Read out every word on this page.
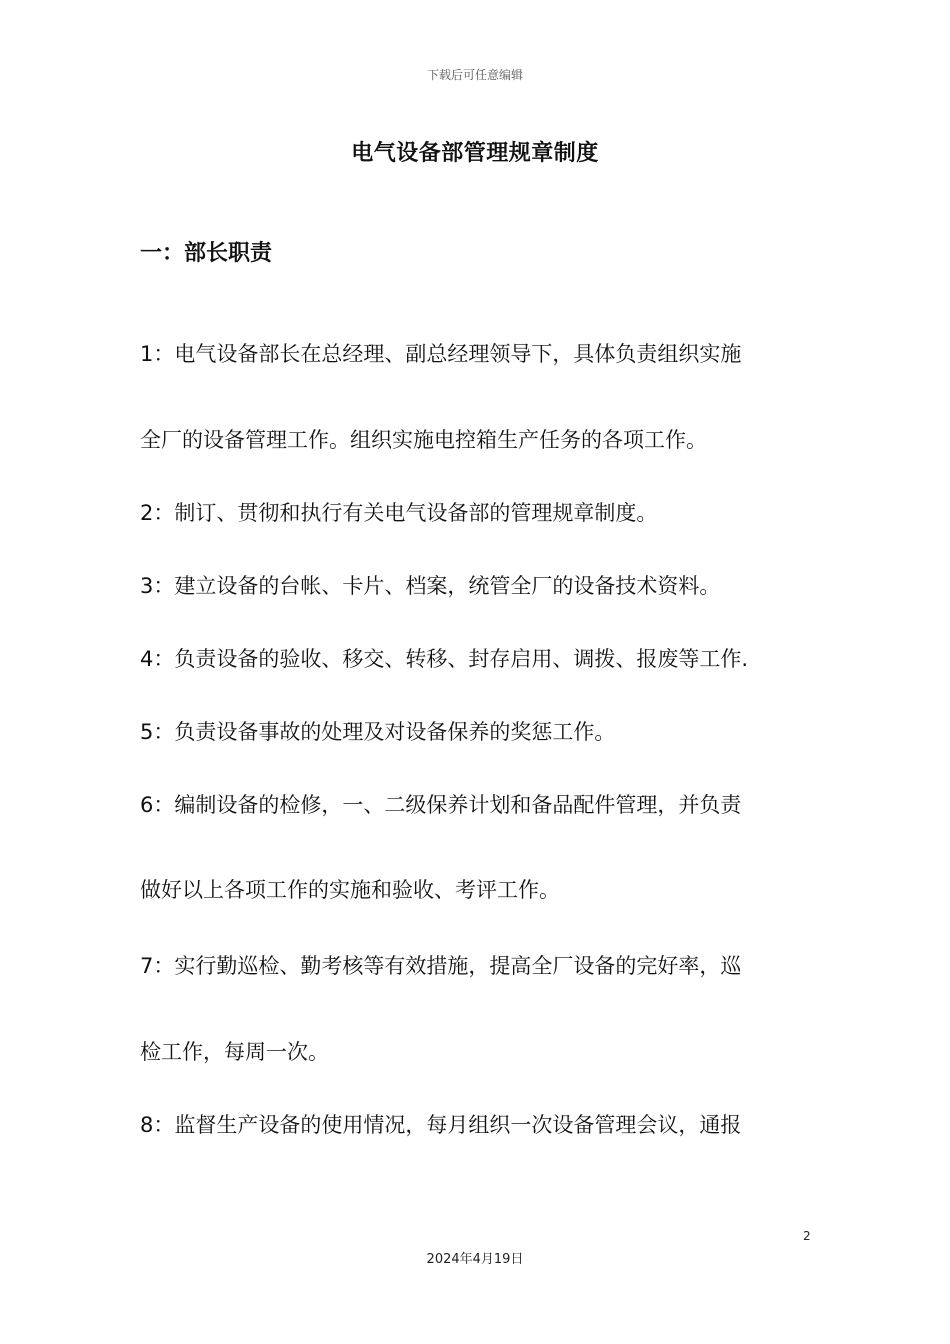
下载后可任意编辑
电气设备部管理规章制度
一：部长职责
1：电气设备部长在总经理、副总经理领导下，具体负责组织实施
全厂的设备管理工作。组织实施电控箱生产任务的各项工作。
2：制订、贯彻和执行有关电气设备部的管理规章制度。
3：建立设备的台帐、卡片、档案，统管全厂的设备技术资料。
4：负责设备的验收、移交、转移、封存启用、调拨、报废等工作.
5：负责设备事故的处理及对设备保养的奖惩工作。
6：编制设备的检修，一、二级保养计划和备品配件管理，并负责
做好以上各项工作的实施和验收、考评工作。
7：实行勤巡检、勤考核等有效措施，提高全厂设备的完好率，巡
检工作，每周一次。
8：监督生产设备的使用情况，每月组织一次设备管理会议，通报
2
2024年4月19日
